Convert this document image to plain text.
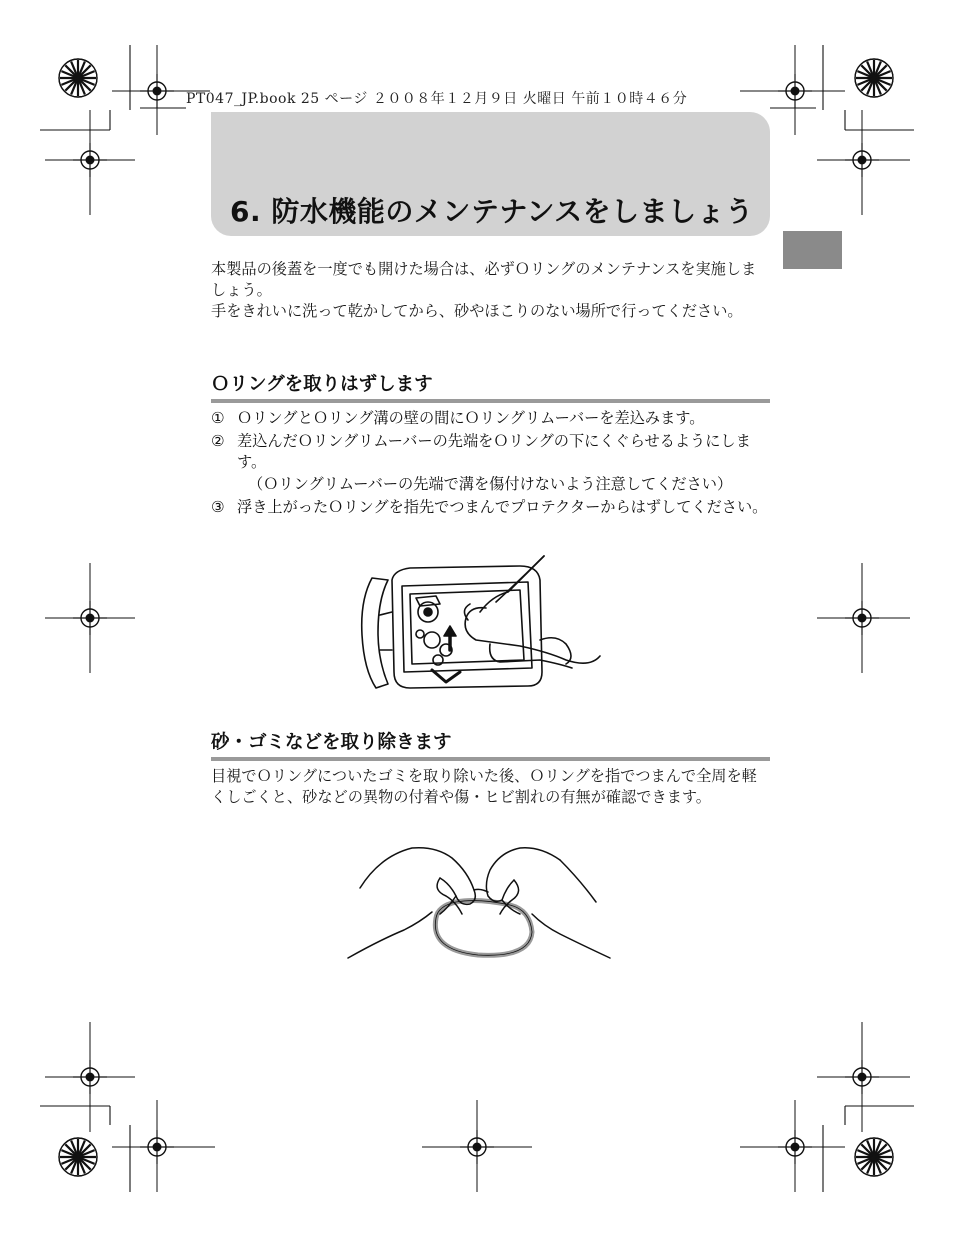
PT047_JP.book 25 ページ ２００８年１２月９日 火曜日 午前１０時４６分
6. 防水機能のメンテナンスをしましょう

本製品の後蓋を一度でも開けた場合は、必ずＯリングのメンテナンスを実施しましょう。

手をきれいに洗って乾かしてから、砂やほこりのない場所で行ってください。

Ｏリングを取りはずします
① ＯリングとＯリング溝の壁の間にＯリングリムーバーを差込みます。
② 差込んだＯリングリムーバーの先端をＯリングの下にくぐらせるようにします。
（Ｏリングリムーバーの先端で溝を傷付けないよう注意してください）
③ 浮き上がったＯリングを指先でつまんでプロテクターからはずしてください。
砂・ゴミなどを取り除きます

目視でＯリングについたゴミを取り除いた後、Ｏリングを指でつまんで全周を軽くしごくと、砂などの異物の付着や傷・ヒビ割れの有無が確認できます。
